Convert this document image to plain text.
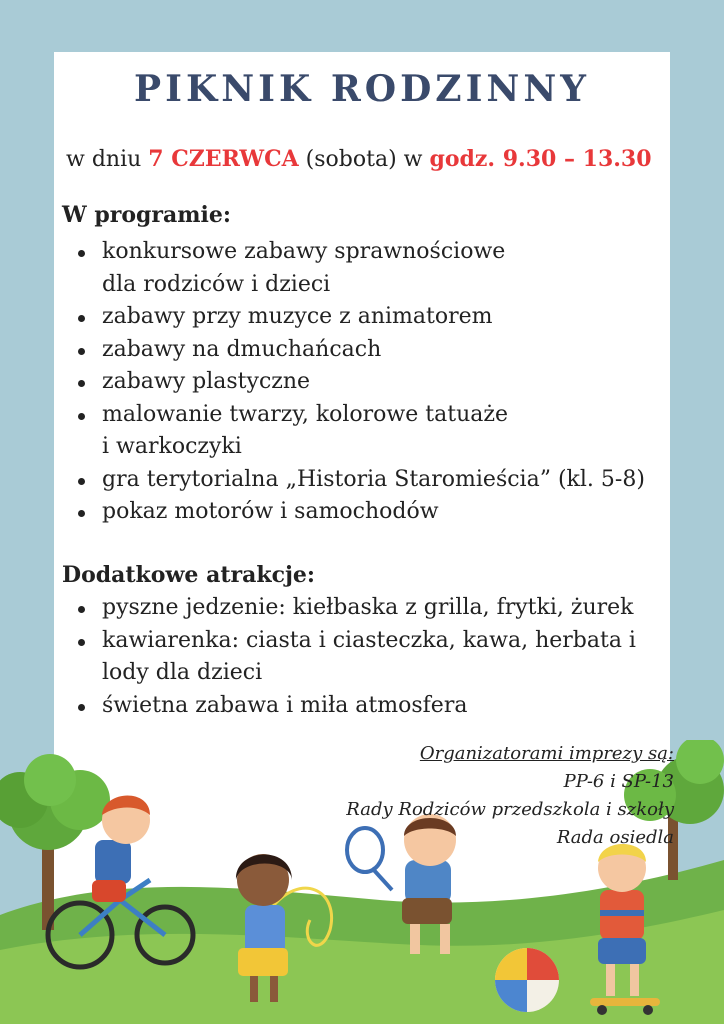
PIKNIK RODZINNY
w dniu 7 CZERWCA (sobota) w godz. 9.30 – 13.30
W programie:
konkursowe zabawy sprawnościowe
dla rodziców i dzieci
zabawy przy muzyce z animatorem
zabawy na dmuchańcach
zabawy plastyczne
malowanie twarzy, kolorowe tatuaże
i warkoczyki
gra terytorialna „Historia Staromieścia” (kl. 5-8)
pokaz motorów i samochodów
Dodatkowe atrakcje:
pyszne jedzenie: kiełbaska z grilla, frytki, żurek
kawiarenka: ciasta i ciasteczka, kawa, herbata i
lody dla dzieci
świetna zabawa i miła atmosfera
Organizatorami imprezy są:
PP-6 i SP-13
Rady Rodziców przedszkola i szkoły
Rada osiedla
